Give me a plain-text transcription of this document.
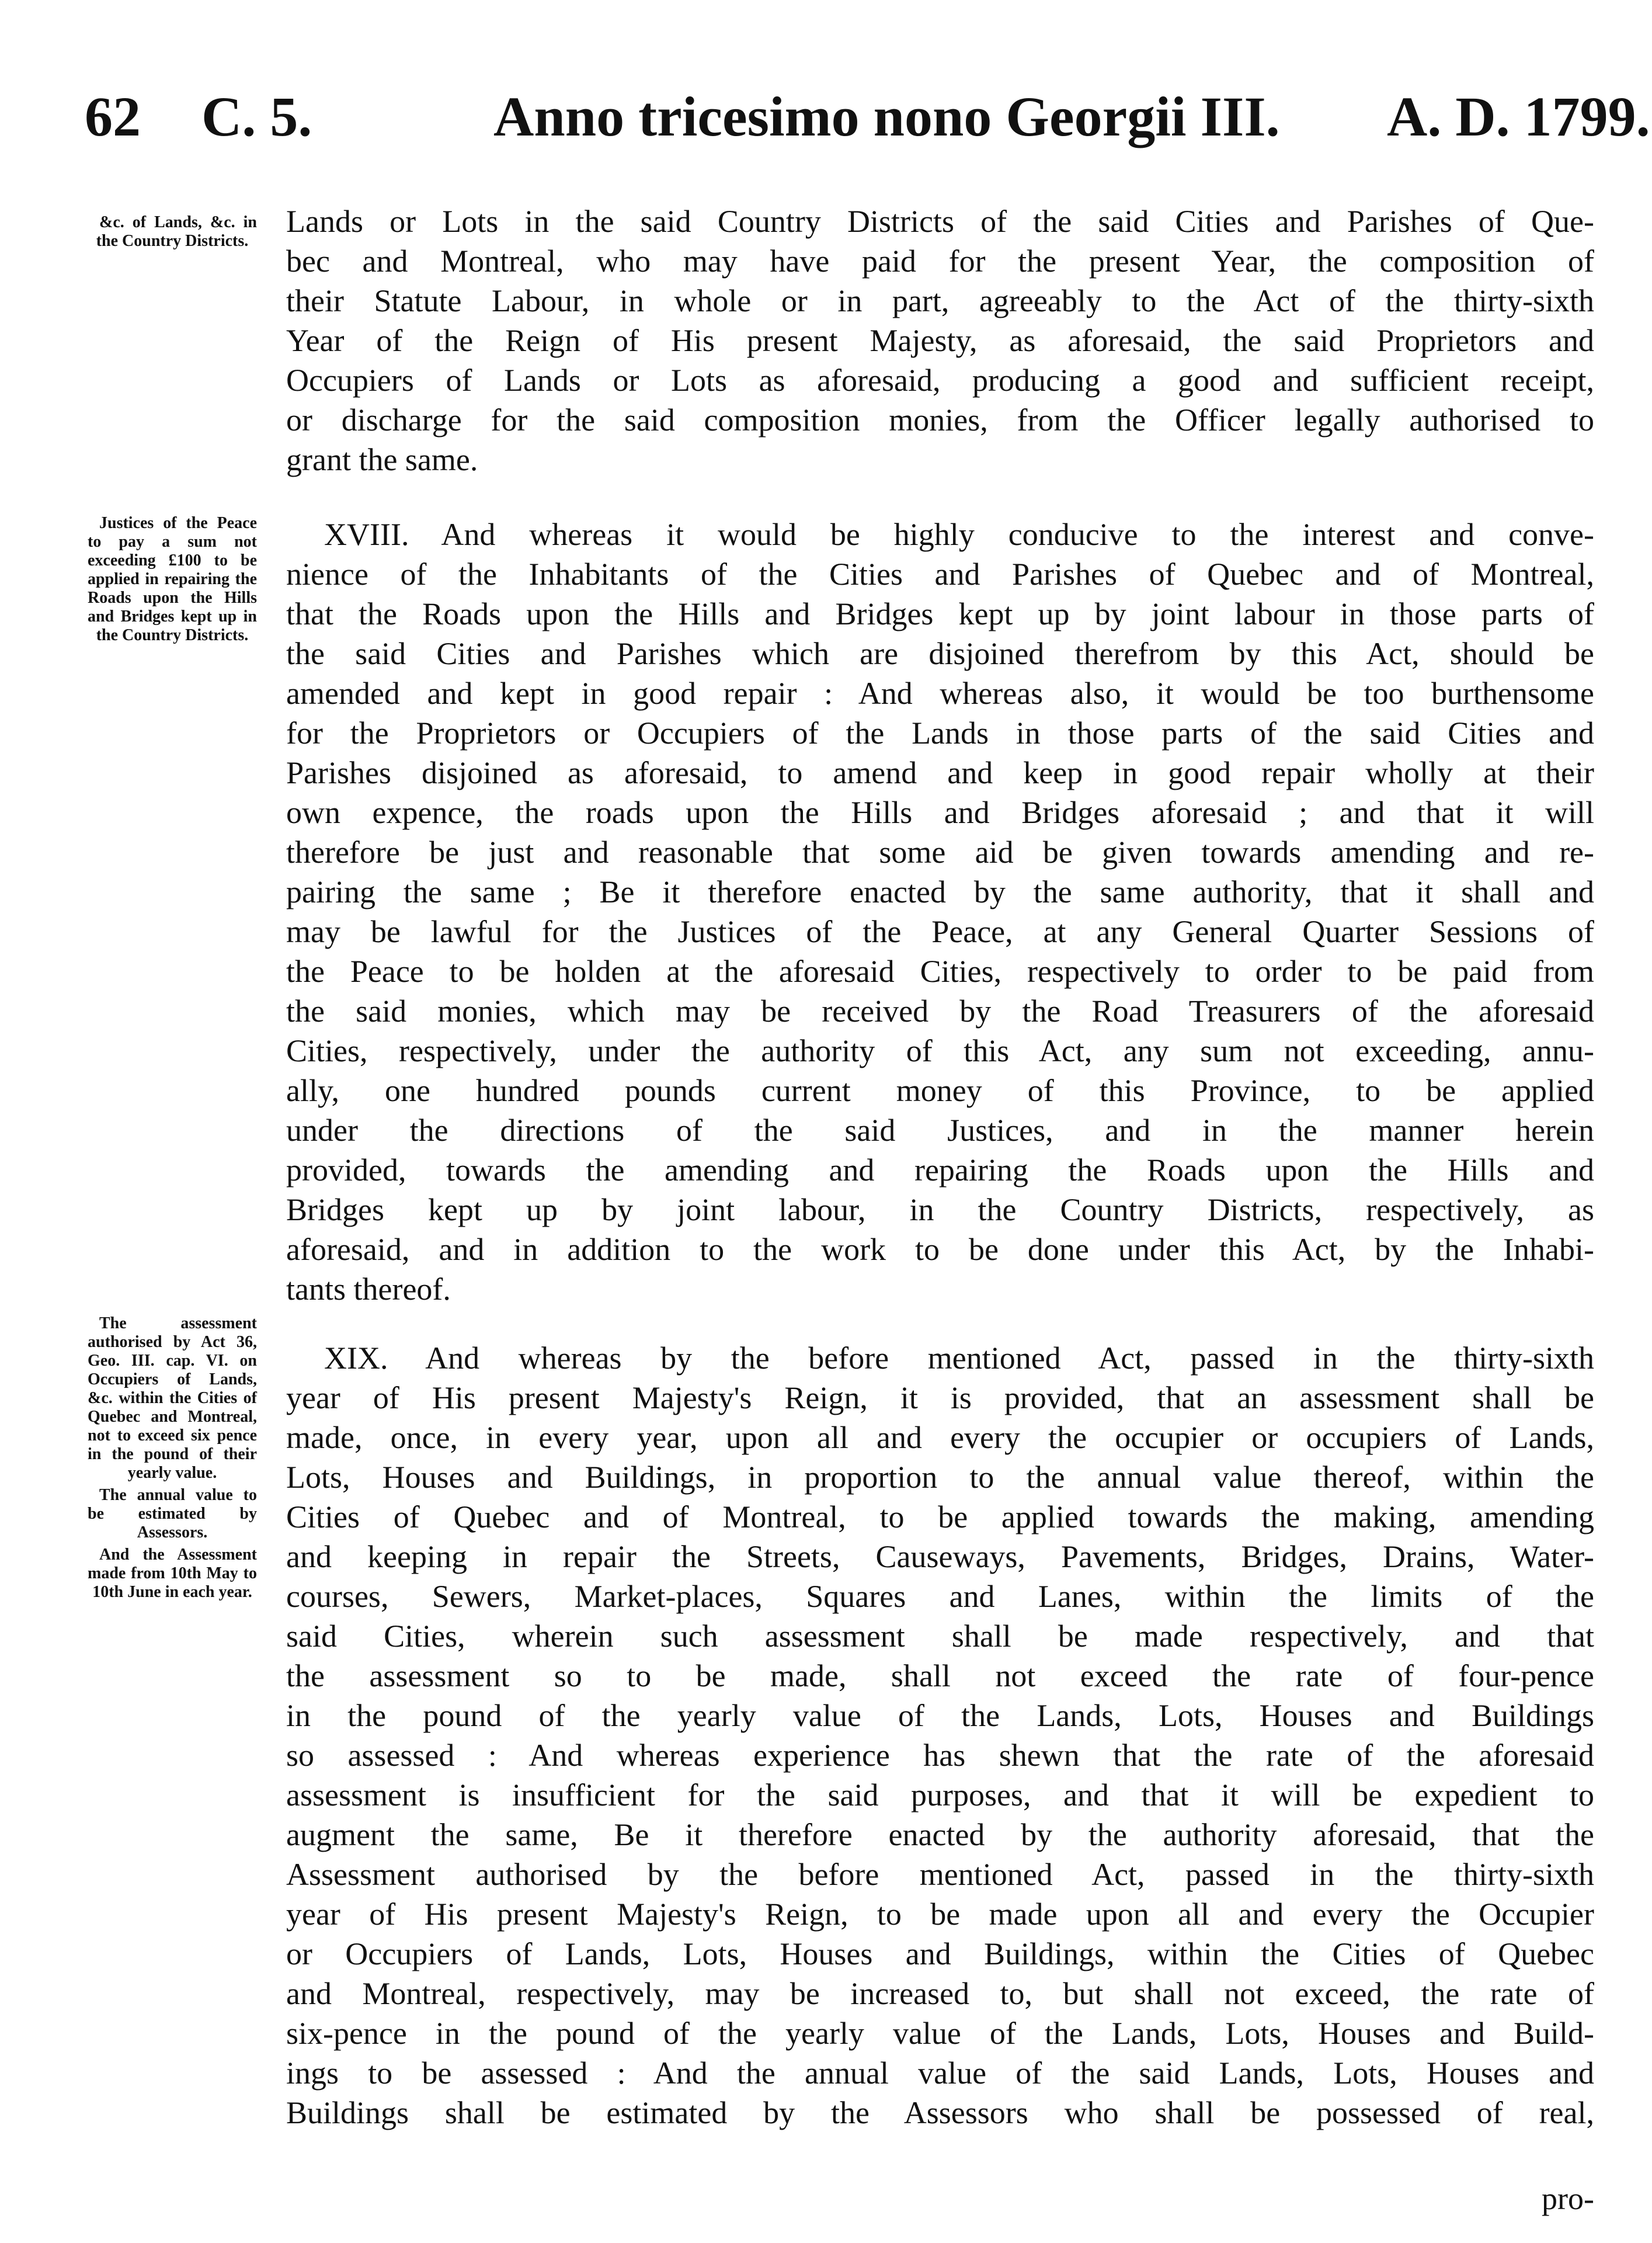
62 C. 5.	Anno tricesimo nono Georgii III. A. D. 1799.

&c. of Lands, &c. in the Country Districts.

Justices of the Peace to pay a sum not exceeding £100 to be applied in repairing the Roads upon the Hills and Bridges kept up in the Country Districts.

The assessment authorised by Act 36, Geo. III. cap. VI. on Occupiers of Lands, &c. within the Cities of Quebec and Montreal, not to exceed six pence in the pound of their yearly value.

The annual value to be estimated by Assessors.

And the Assessment made from 10th May to 10th June in each year.

Lands or Lots in the said Country Districts of the said Cities and Parishes of Que-
bec and Montreal, who may have paid for the present Year, the composition of
their Statute Labour, in whole or in part, agreeably to the Act of the thirty-sixth
Year of the Reign of His present Majesty, as aforesaid, the said Proprietors and
Occupiers of Lands or Lots as aforesaid, producing a good and sufficient receipt,
or discharge for the said composition monies, from the Officer legally authorised to
grant the same.
XVIII. And whereas it would be highly conducive to the interest and conve-
nience of the Inhabitants of the Cities and Parishes of Quebec and of Montreal,
that the Roads upon the Hills and Bridges kept up by joint labour in those parts of
the said Cities and Parishes which are disjoined therefrom by this Act, should be
amended and kept in good repair : And whereas also, it would be too burthensome
for the Proprietors or Occupiers of the Lands in those parts of the said Cities and
Parishes disjoined as aforesaid, to amend and keep in good repair wholly at their
own expence, the roads upon the Hills and Bridges aforesaid ; and that it will
therefore be just and reasonable that some aid be given towards amending and re-
pairing the same ; Be it therefore enacted by the same authority, that it shall and
may be lawful for the Justices of the Peace, at any General Quarter Sessions of
the Peace to be holden at the aforesaid Cities, respectively to order to be paid from
the said monies, which may be received by the Road Treasurers of the aforesaid
Cities, respectively, under the authority of this Act, any sum not exceeding, annu-
ally, one hundred pounds current money of this Province, to be applied
under the directions of the said Justices, and in the manner herein
provided, towards the amending and repairing the Roads upon the Hills and
Bridges kept up by joint labour, in the Country Districts, respectively, as
aforesaid, and in addition to the work to be done under this Act, by the Inhabi-
tants thereof.
XIX. And whereas by the before mentioned Act, passed in the thirty-sixth
year of His present Majesty's Reign, it is provided, that an assessment shall be
made, once, in every year, upon all and every the occupier or occupiers of Lands,
Lots, Houses and Buildings, in proportion to the annual value thereof, within the
Cities of Quebec and of Montreal, to be applied towards the making, amending
and keeping in repair the Streets, Causeways, Pavements, Bridges, Drains, Water-
courses, Sewers, Market-places, Squares and Lanes, within the limits of the
said Cities, wherein such assessment shall be made respectively, and that
the assessment so to be made, shall not exceed the rate of four-pence
in the pound of the yearly value of the Lands, Lots, Houses and Buildings
so assessed : And whereas experience has shewn that the rate of the aforesaid
assessment is insufficient for the said purposes, and that it will be expedient to
augment the same, Be it therefore enacted by the authority aforesaid, that the
Assessment authorised by the before mentioned Act, passed in the thirty-sixth
year of His present Majesty's Reign, to be made upon all and every the Occupier
or Occupiers of Lands, Lots, Houses and Buildings, within the Cities of Quebec
and Montreal, respectively, may be increased to, but shall not exceed, the rate of
six-pence in the pound of the yearly value of the Lands, Lots, Houses and Build-
ings to be assessed : And the annual value of the said Lands, Lots, Houses and
Buildings shall be estimated by the Assessors who shall be possessed of real,
pro-
